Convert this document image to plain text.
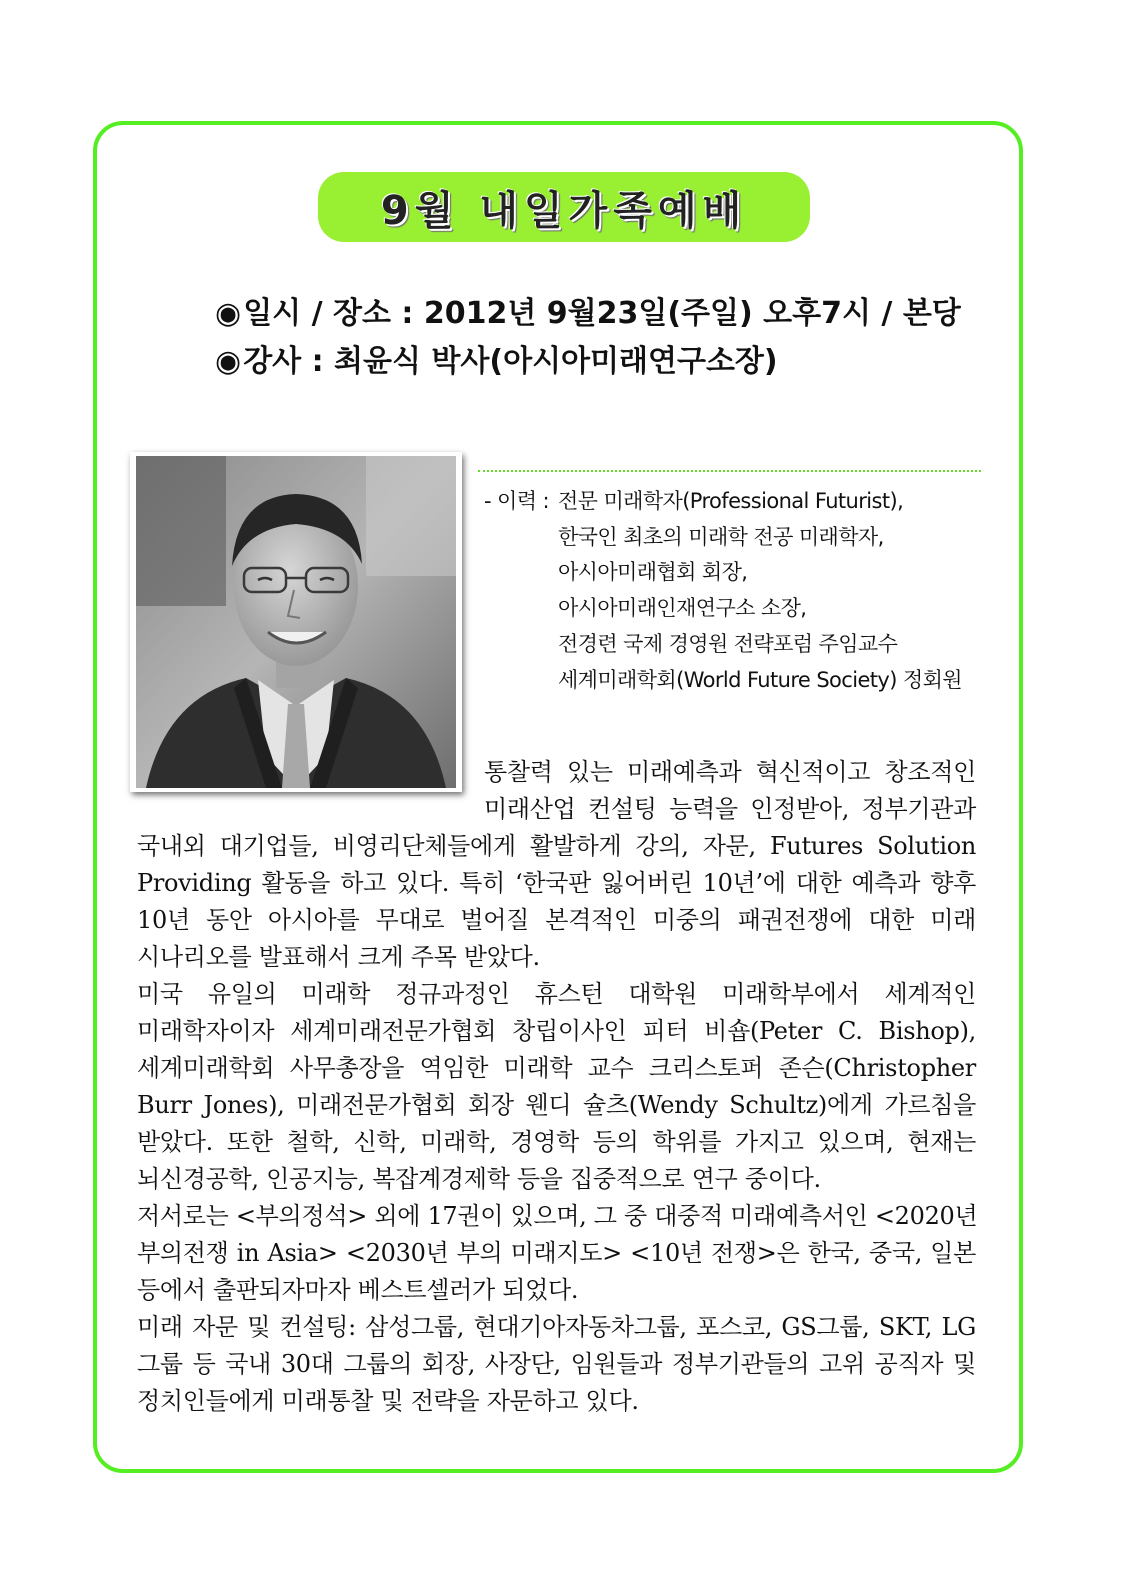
9월 내일가족예배
◉일시 / 장소 : 2012년 9월23일(주일) 오후7시 / 본당
◉강사 : 최윤식 박사(아시아미래연구소장)
- 이력 : 전문 미래학자(Professional Futurist),
한국인 최초의 미래학 전공 미래학자,
아시아미래협회 회장,
아시아미래인재연구소 소장,
전경련 국제 경영원 전략포럼 주임교수
세계미래학회(World Future Society) 정회원
통찰력 있는 미래예측과 혁신적이고 창조적인
미래산업 컨설팅 능력을 인정받아, 정부기관과
국내외 대기업들, 비영리단체들에게 활발하게 강의, 자문, Futures Solution
Providing 활동을 하고 있다. 특히 ‘한국판 잃어버린 10년’에 대한 예측과 향후
10년 동안 아시아를 무대로 벌어질 본격적인 미중의 패권전쟁에 대한 미래
시나리오를 발표해서 크게 주목 받았다.
미국 유일의 미래학 정규과정인 휴스턴 대학원 미래학부에서 세계적인
미래학자이자 세계미래전문가협회 창립이사인 피터 비숍(Peter C. Bishop),
세계미래학회 사무총장을 역임한 미래학 교수 크리스토퍼 존슨(Christopher
Burr Jones), 미래전문가협회 회장 웬디 슐츠(Wendy Schultz)에게 가르침을
받았다. 또한 철학, 신학, 미래학, 경영학 등의 학위를 가지고 있으며, 현재는
뇌신경공학, 인공지능, 복잡계경제학 등을 집중적으로 연구 중이다.
저서로는 <부의정석> 외에 17권이 있으며, 그 중 대중적 미래예측서인 <2020년
부의전쟁 in Asia> <2030년 부의 미래지도> <10년 전쟁>은 한국, 중국, 일본
등에서 출판되자마자 베스트셀러가 되었다.
미래 자문 및 컨설팅: 삼성그룹, 현대기아자동차그룹, 포스코, GS그룹, SKT, LG
그룹 등 국내 30대 그룹의 회장, 사장단, 임원들과 정부기관들의 고위 공직자 및
정치인들에게 미래통찰 및 전략을 자문하고 있다.
